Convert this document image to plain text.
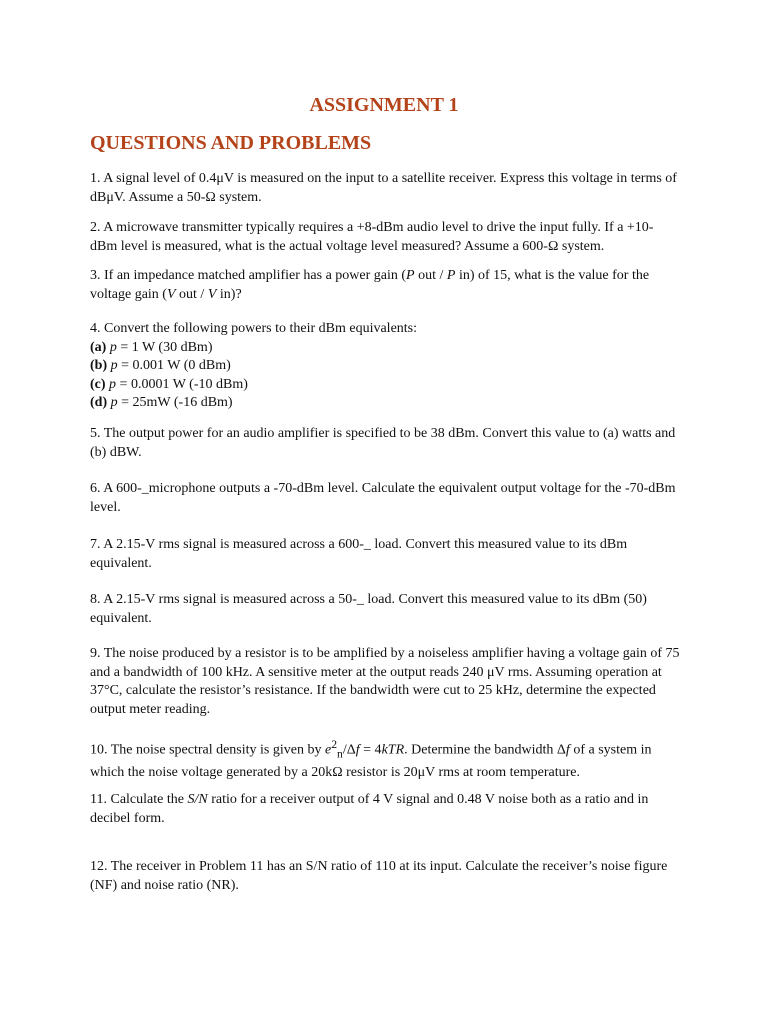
ASSIGNMENT 1
QUESTIONS AND PROBLEMS

1. A signal level of 0.4μV is measured on the input to a satellite receiver. Express this voltage in terms of dBμV. Assume a 50-Ω system.

2. A microwave transmitter typically requires a +8-dBm audio level to drive the input fully. If a +10-dBm level is measured, what is the actual voltage level measured? Assume a 600-Ω system.

3. If an impedance matched amplifier has a power gain (P out / P in) of 15, what is the value for the voltage gain (V out / V in)?

4. Convert the following powers to their dBm equivalents:
(a) p = 1 W (30 dBm)
(b) p = 0.001 W (0 dBm)
(c) p = 0.0001 W (-10 dBm)
(d) p = 25mW (-16 dBm)

5. The output power for an audio amplifier is specified to be 38 dBm. Convert this value to (a) watts and (b) dBW.

6. A 600-_microphone outputs a -70-dBm level. Calculate the equivalent output voltage for the -70-dBm level.

7. A 2.15-V rms signal is measured across a 600-_ load. Convert this measured value to its dBm equivalent.

8. A 2.15-V rms signal is measured across a 50-_ load. Convert this measured value to its dBm (50) equivalent.

9. The noise produced by a resistor is to be amplified by a noiseless amplifier having a voltage gain of 75 and a bandwidth of 100 kHz. A sensitive meter at the output reads 240 μV rms. Assuming operation at 37°C, calculate the resistor’s resistance. If the bandwidth were cut to 25 kHz, determine the expected output meter reading.

10. The noise spectral density is given by $e^2_n/\Delta f = 4kTR$. Determine the bandwidth Δf of a system in which the noise voltage generated by a 20kΩ resistor is 20μV rms at room temperature.

11. Calculate the S/N ratio for a receiver output of 4 V signal and 0.48 V noise both as a ratio and in decibel form.

12. The receiver in Problem 11 has an S/N ratio of 110 at its input. Calculate the receiver’s noise figure (NF) and noise ratio (NR).
